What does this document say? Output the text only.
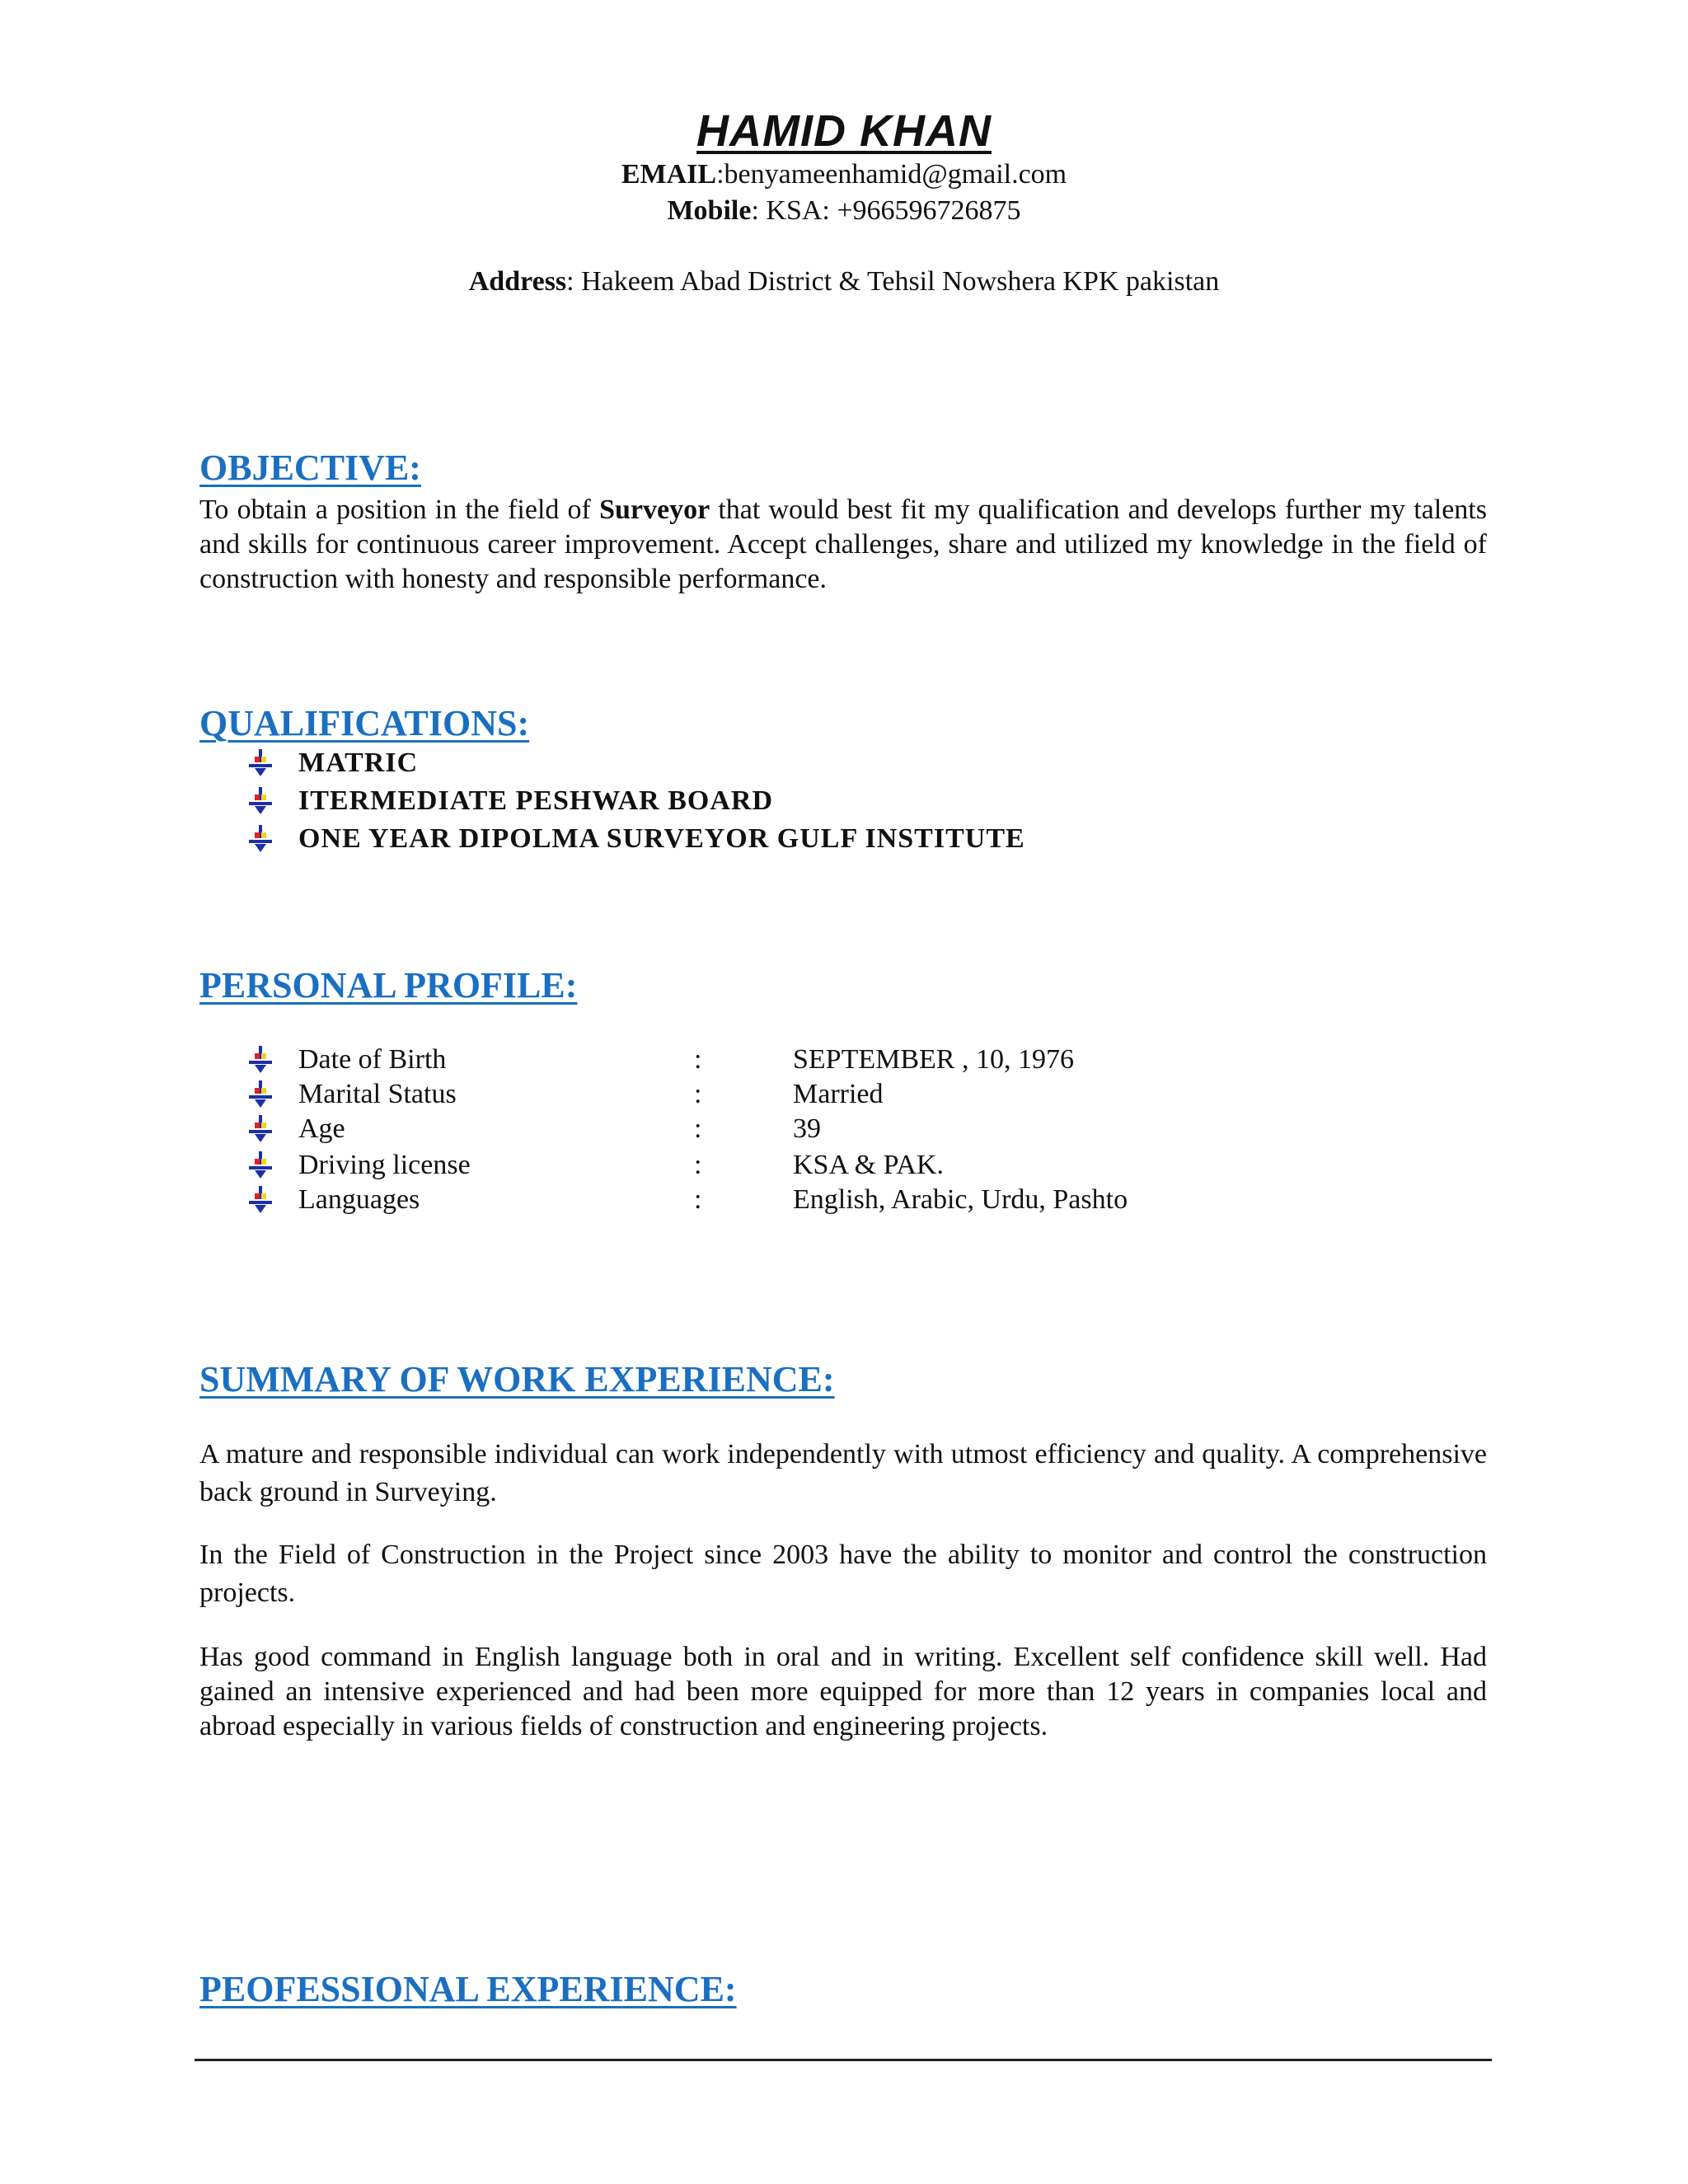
HAMID KHAN
EMAIL:benyameenhamid@gmail.com
Mobile: KSA: +966596726875
Address: Hakeem Abad District & Tehsil Nowshera KPK pakistan
OBJECTIVE:
To obtain a position in the field of Surveyor that would best fit my qualification and develops further my talents and skills for continuous career improvement. Accept challenges, share and utilized my knowledge in the field of construction with honesty and responsible performance.
QUALIFICATIONS:
MATRIC
ITERMEDIATE PESHWAR BOARD
ONE YEAR DIPOLMA SURVEYOR GULF INSTITUTE
PERSONAL PROFILE:
Date of Birth	:	SEPTEMBER , 10, 1976
Marital Status	:	Married
Age	:	39
Driving license	:	KSA & PAK.
Languages	:	English, Arabic, Urdu, Pashto
SUMMARY OF WORK EXPERIENCE:
A mature and responsible individual can work independently with utmost efficiency and quality. A comprehensive back ground in Surveying.
In the Field of Construction in the Project since 2003 have the ability to monitor and control the construction projects.
Has good command in English language both in oral and in writing. Excellent self confidence skill well. Had gained an intensive experienced and had been more equipped for more than 12 years in companies local and abroad especially in various fields of construction and engineering projects.
PEOFESSIONAL EXPERIENCE:
